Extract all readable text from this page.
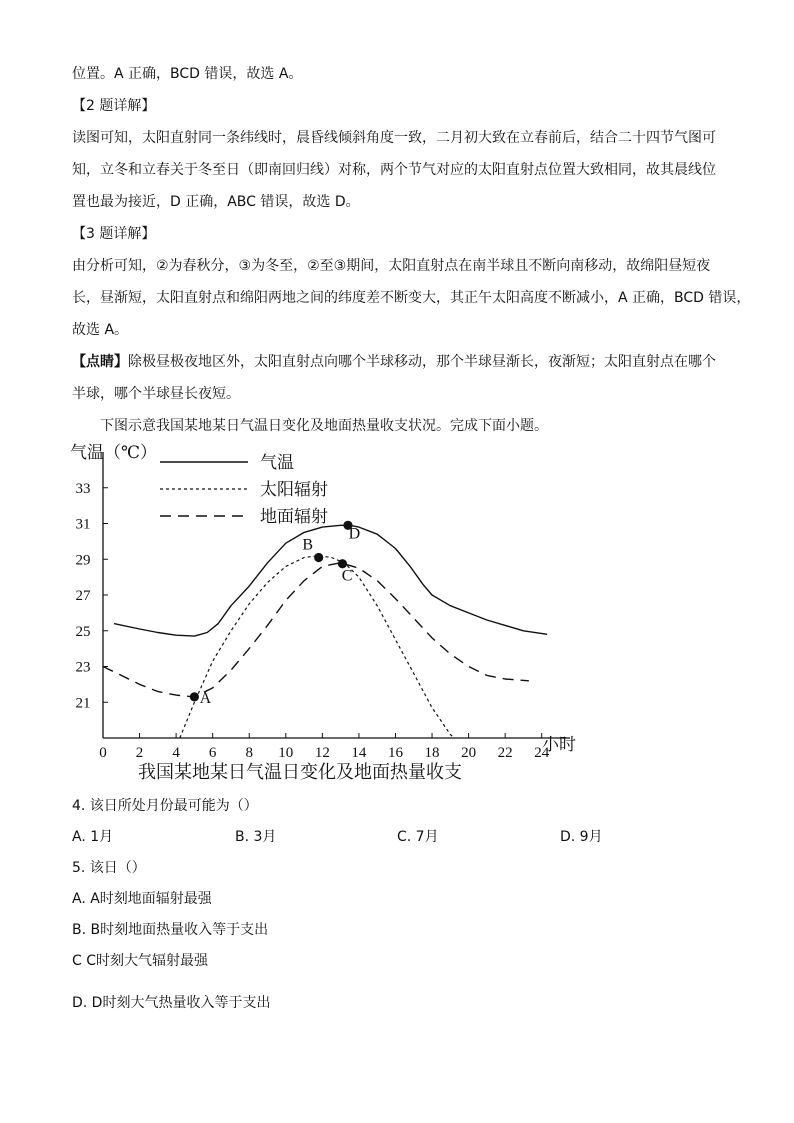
位置。A 正确，BCD 错误，故选 A。
【2 题详解】
读图可知，太阳直射同一条纬线时，晨昏线倾斜角度一致，二月初大致在立春前后，结合二十四节气图可
知，立冬和立春关于冬至日（即南回归线）对称，两个节气对应的太阳直射点位置大致相同，故其晨线位
置也最为接近，D 正确，ABC 错误，故选 D。
【3 题详解】
由分析可知，②为春秋分，③为冬至，②至③期间，太阳直射点在南半球且不断向南移动，故绵阳昼短夜
长，昼渐短，太阳直射点和绵阳两地之间的纬度差不断变大，其正午太阳高度不断减小，A 正确，BCD 错误，
故选 A。
【点睛】除极昼极夜地区外，太阳直射点向哪个半球移动，那个半球昼渐长，夜渐短；太阳直射点在哪个
半球，哪个半球昼长夜短。
下图示意我国某地某日气温日变化及地面热量收支状况。完成下面小题。
0 2 4 6 8 10 12 14 16 18 20 22 24
21
23
25
27
29
31
33
气温
太阳辐射
地面辐射
A
B
C
D
气温（℃）
小时
我国某地某日气温日变化及地面热量收支
4. 该日所处月份最可能为（）
A. 1月	B. 3月	C. 7月	D. 9月
5. 该日（）
A. A时刻地面辐射最强
B. B时刻地面热量收入等于支出
C C时刻大气辐射最强
D. D时刻大气热量收入等于支出
